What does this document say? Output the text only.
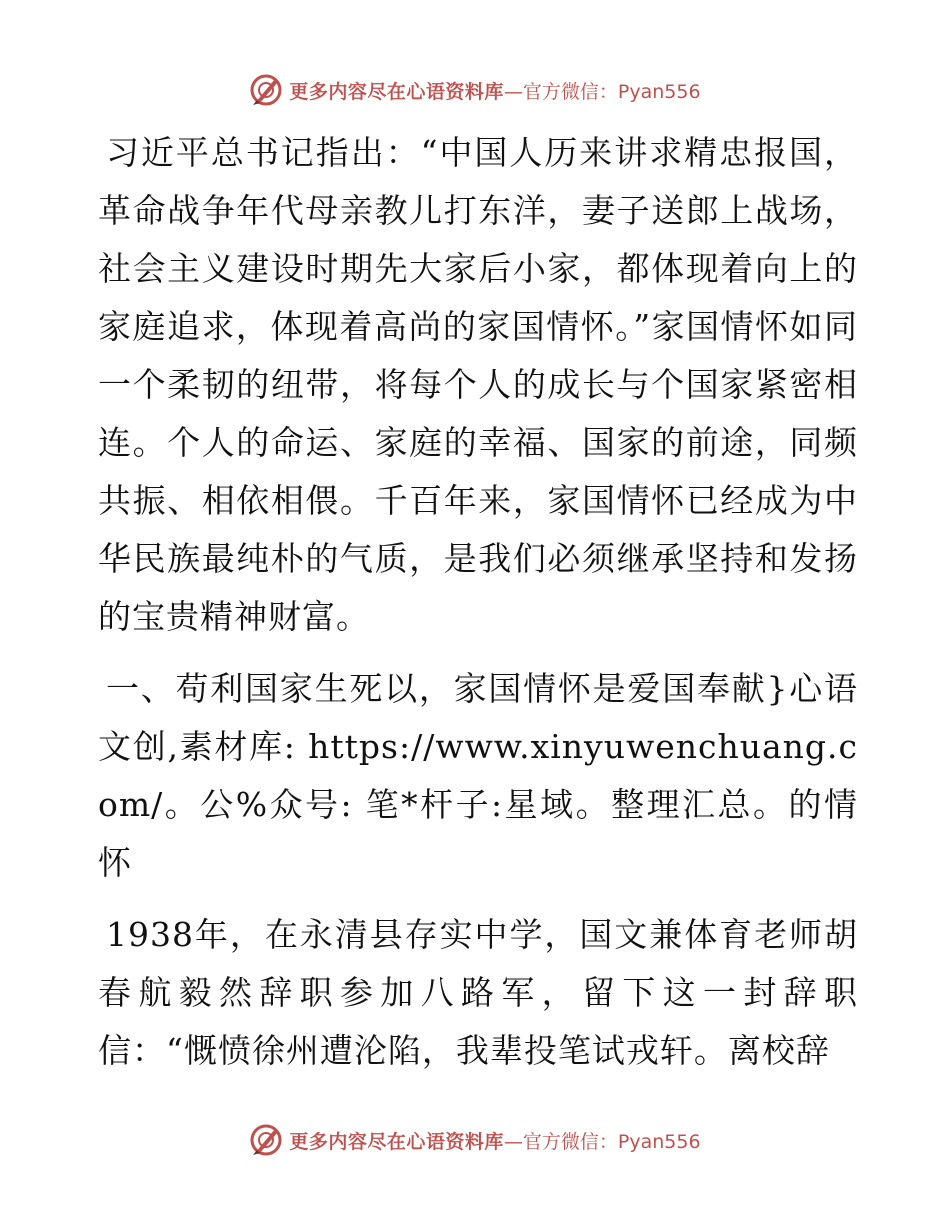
更多内容尽在心语资料库 —官方微信：Pyan556

习近平总书记指出：“中国人历来讲求精忠报国，革命战争年代母亲教儿打东洋，妻子送郎上战场，社会主义建设时期先大家后小家，都体现着向上的家庭追求，体现着高尚的家国情怀。”家国情怀如同一个柔韧的纽带，将每个人的成长与个国家紧密相连。个人的命运、家庭的幸福、国家的前途，同频共振、相依相偎。千百年来，家国情怀已经成为中华民族最纯朴的气质，是我们必须继承坚持和发扬的宝贵精神财富。

一、苟利国家生死以，家国情怀是爱国奉献}心语文创,素材库: https://www.xinyuwenchuang.com/。公%众号: 笔*杆子:星域。整理汇总。的情怀

1938年，在永清县存实中学，国文兼体育老师胡春航毅然辞职参加八路军，留下这一封辞职信：“慨愤徐州遭沦陷，我辈投笔试戎轩。离校辞

更多内容尽在心语资料库 —官方微信：Pyan556
